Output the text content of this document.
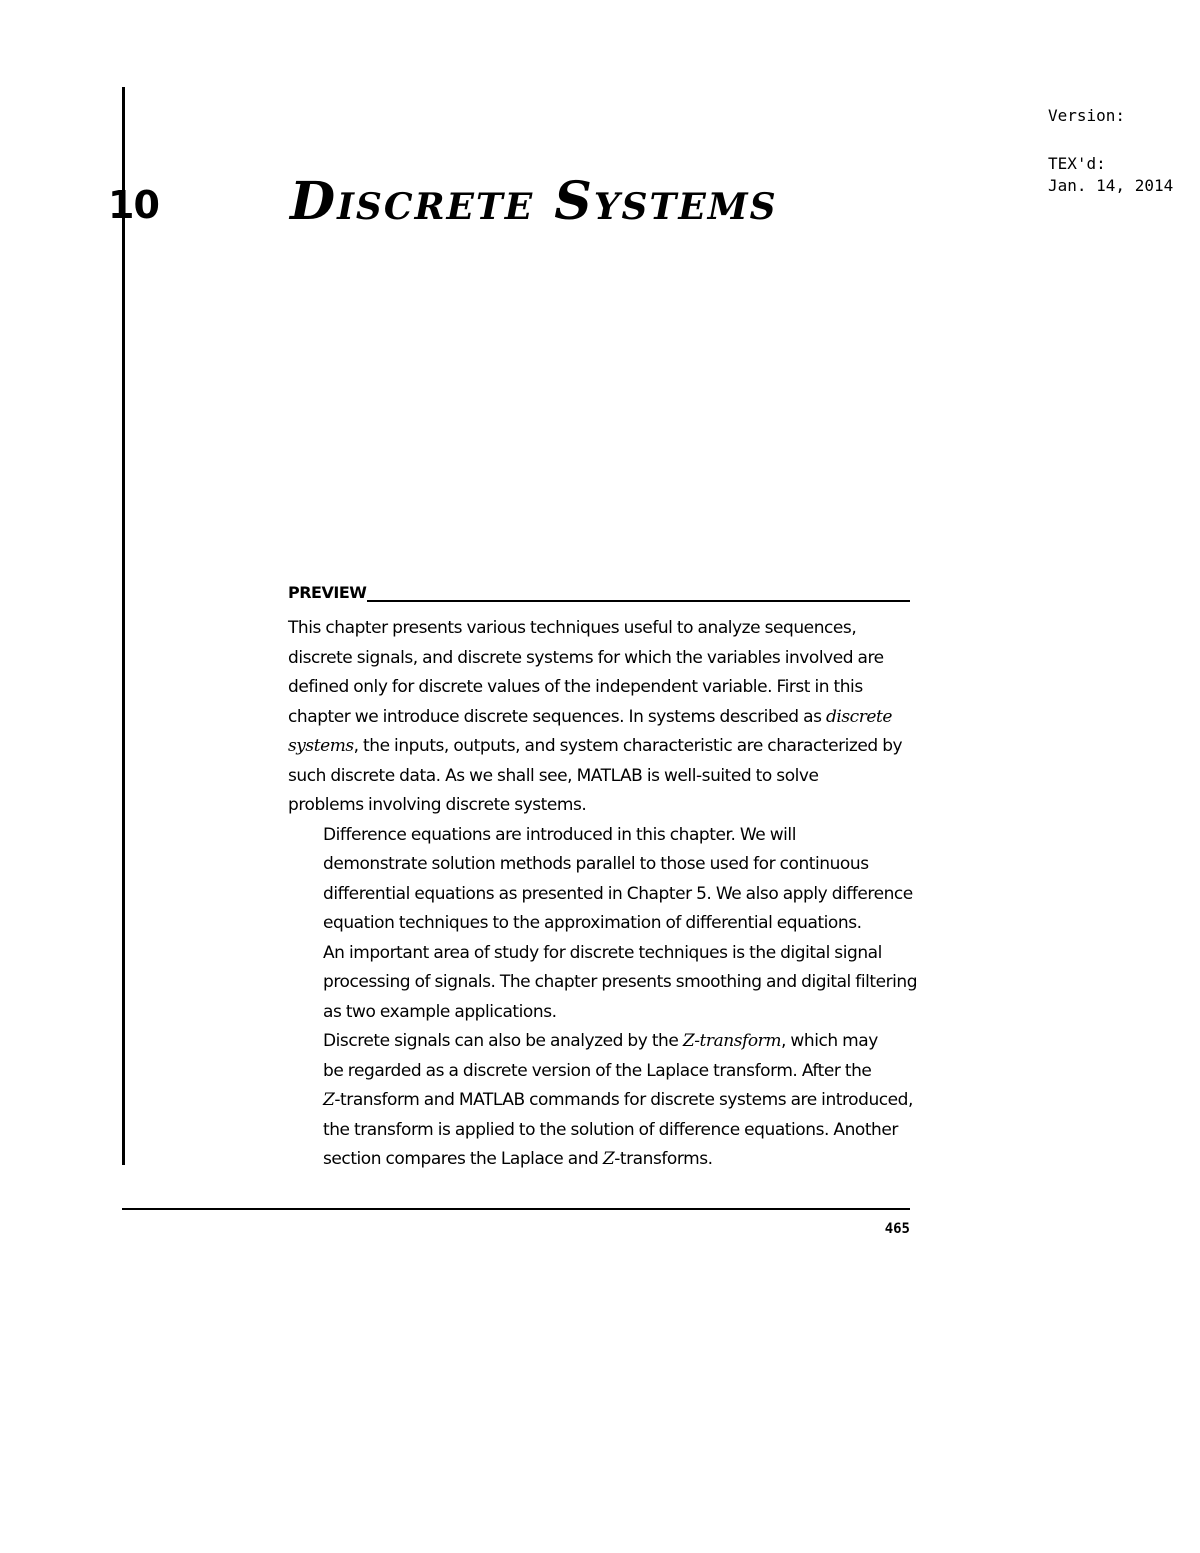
10	Discrete Systems
Version:
TEX'd:
Jan. 14, 2014
PREVIEW

This chapter presents various techniques useful to analyze sequences,
discrete signals, and discrete systems for which the variables involved are
defined only for discrete values of the independent variable. First in this
chapter we introduce discrete sequences. In systems described as discrete
systems, the inputs, outputs, and system characteristic are characterized by
such discrete data. As we shall see, MATLAB is well-suited to solve
problems involving discrete systems.

Difference equations are introduced in this chapter. We will
demonstrate solution methods parallel to those used for continuous
differential equations as presented in Chapter 5. We also apply difference
equation techniques to the approximation of differential equations.

An important area of study for discrete techniques is the digital signal
processing of signals. The chapter presents smoothing and digital filtering
as two example applications.

Discrete signals can also be analyzed by the Z-transform, which may
be regarded as a discrete version of the Laplace transform. After the
Z-transform and MATLAB commands for discrete systems are introduced,
the transform is applied to the solution of difference equations. Another
section compares the Laplace and Z-transforms.

465
